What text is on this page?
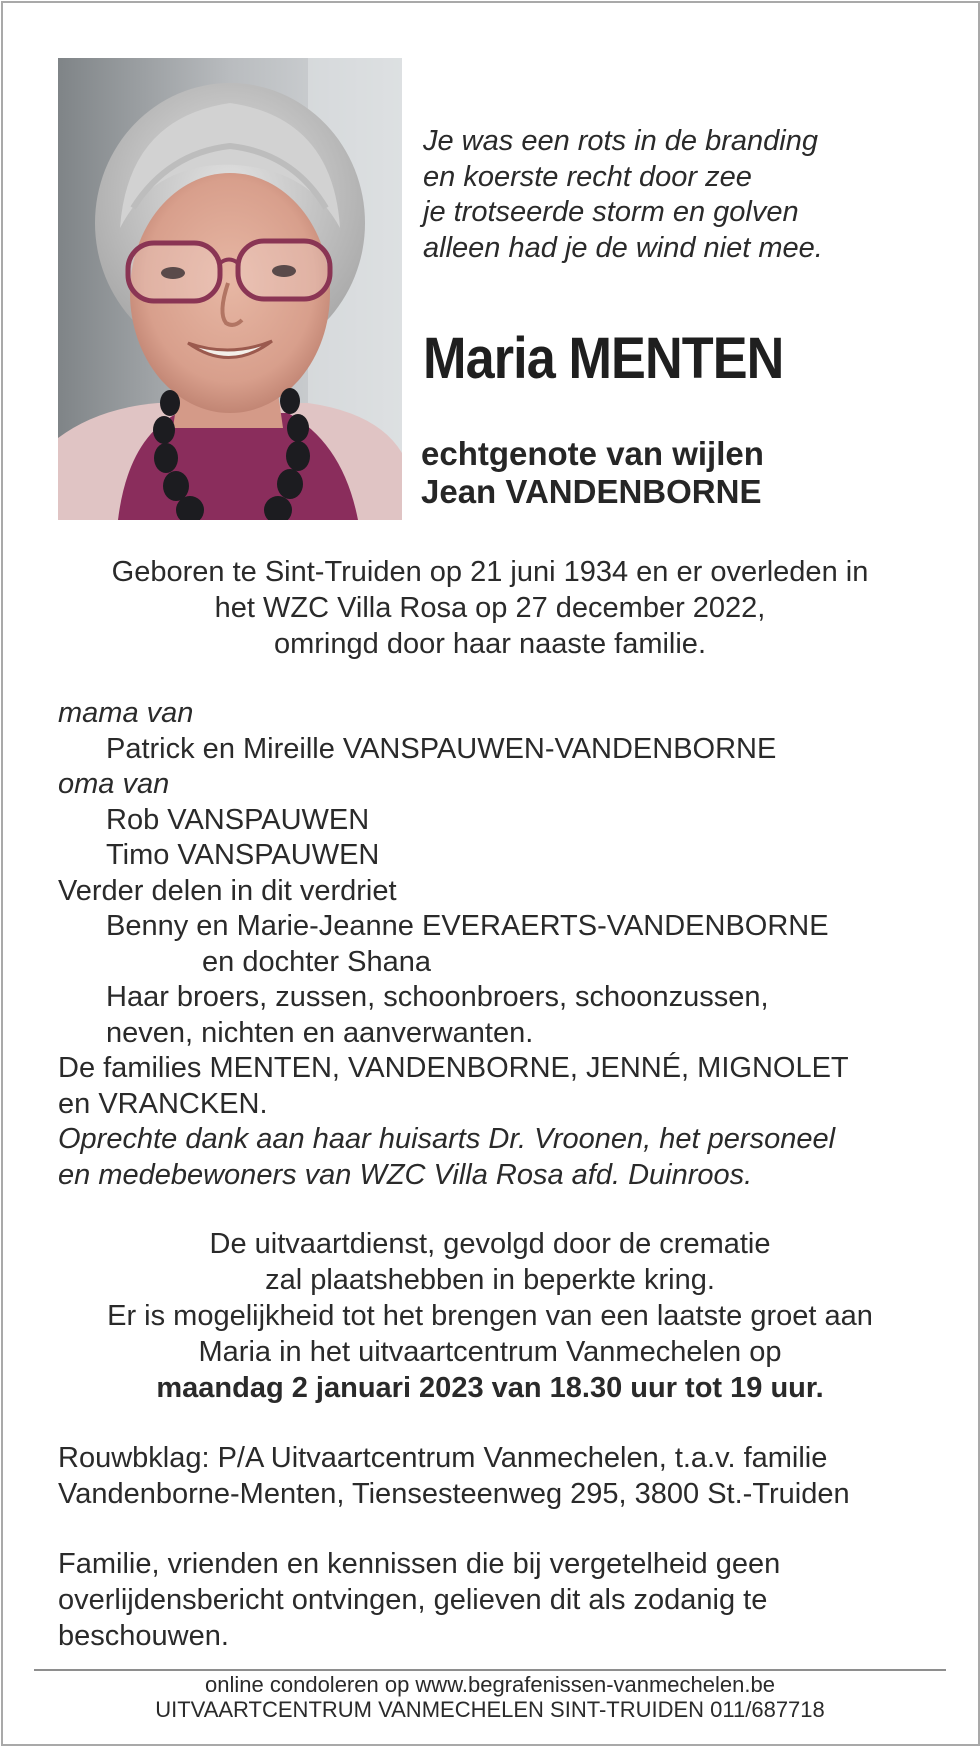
Je was een rots in de branding
en koerste recht door zee
je trotseerde storm en golven
alleen had je de wind niet mee.
Maria MENTEN
echtgenote van wijlen
Jean VANDENBORNE
Geboren te Sint-Truiden op 21 juni 1934 en er overleden in
het WZC Villa Rosa op 27 december 2022,
omringd door haar naaste familie.
mama van
Patrick en Mireille VANSPAUWEN-VANDENBORNE
oma van
Rob VANSPAUWEN
Timo VANSPAUWEN
Verder delen in dit verdriet
Benny en Marie-Jeanne EVERAERTS-VANDENBORNE
en dochter Shana
Haar broers, zussen, schoonbroers, schoonzussen,
neven, nichten en aanverwanten.
De families MENTEN, VANDENBORNE, JENNÉ, MIGNOLET
en VRANCKEN.
Oprechte dank aan haar huisarts Dr. Vroonen, het personeel
en medebewoners van WZC Villa Rosa afd. Duinroos.
De uitvaartdienst, gevolgd door de crematie
zal plaatshebben in beperkte kring.
Er is mogelijkheid tot het brengen van een laatste groet aan
Maria in het uitvaartcentrum Vanmechelen op
maandag 2 januari 2023 van 18.30 uur tot 19 uur.
Rouwbklag: P/A Uitvaartcentrum Vanmechelen, t.a.v. familie
Vandenborne-Menten, Tiensesteenweg 295, 3800 St.-Truiden
Familie, vrienden en kennissen die bij vergetelheid geen
overlijdensbericht ontvingen, gelieven dit als zodanig te
beschouwen.
online condoleren op www.begrafenissen-vanmechelen.be
UITVAARTCENTRUM VANMECHELEN SINT-TRUIDEN 011/687718
